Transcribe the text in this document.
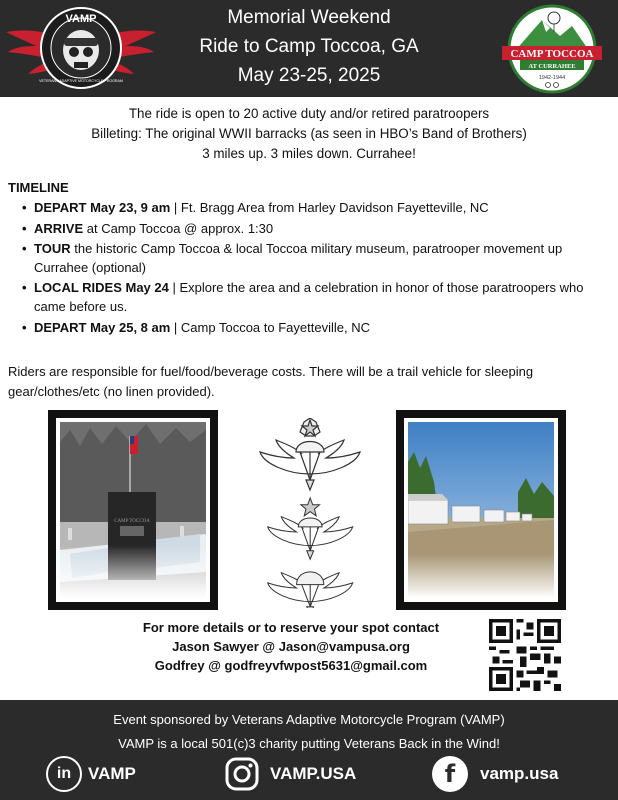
VAMP
VETERANS ADAPTIVE MOTORCYCLE PROGRAM
Memorial Weekend
Ride to Camp Toccoa, GA
May 23-25, 2025
CAMP TOCCOA
AT CURRAHEE
1942-1944
The ride is open to 20 active duty and/or retired paratroopers
Billeting: The original WWII barracks (as seen in HBO’s Band of Brothers)
3 miles up. 3 miles down. Currahee!
TIMELINE
• DEPART May 23, 9 am | Ft. Bragg Area from Harley Davidson Fayetteville, NC
• ARRIVE at Camp Toccoa @ approx. 1:30
• TOUR the historic Camp Toccoa & local Toccoa military museum, paratrooper movement up Currahee (optional)
• LOCAL RIDES May 24 | Explore the area and a celebration in honor of those paratroopers who came before us.
• DEPART May 25, 8 am | Camp Toccoa to Fayetteville, NC
Riders are responsible for fuel/food/beverage costs. There will be a trail vehicle for sleeping gear/clothes/etc (no linen provided).
For more details or to reserve your spot contact
Jason Sawyer @ Jason@vampusa.org
Godfrey @ godfreyvfwpost5631@gmail.com
Event sponsored by Veterans Adaptive Motorcycle Program (VAMP)
VAMP is a local 501(c)3 charity putting Veterans Back in the Wind!
in VAMP	VAMP.USA	f	vamp.usa
